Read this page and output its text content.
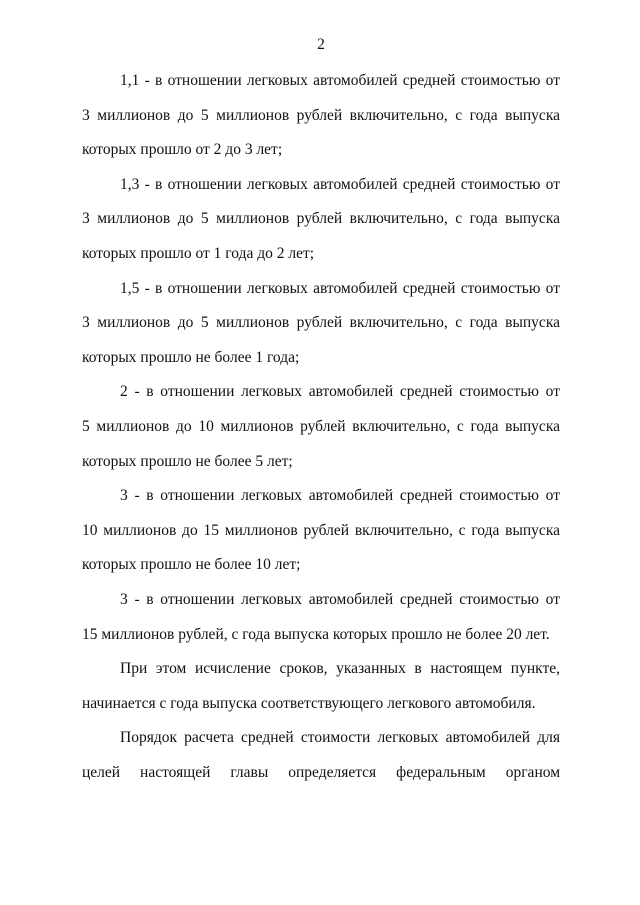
2
1,1 - в отношении легковых автомобилей средней стоимостью от
3 миллионов до 5 миллионов рублей включительно, с года выпуска
которых прошло от 2 до 3 лет;
1,3 - в отношении легковых автомобилей средней стоимостью от
3 миллионов до 5 миллионов рублей включительно, с года выпуска
которых прошло от 1 года до 2 лет;
1,5 - в отношении легковых автомобилей средней стоимостью от
3 миллионов до 5 миллионов рублей включительно, с года выпуска
которых прошло не более 1 года;
2 - в отношении легковых автомобилей средней стоимостью от
5 миллионов до 10 миллионов рублей включительно, с года выпуска
которых прошло не более 5 лет;
3 - в отношении легковых автомобилей средней стоимостью от
10 миллионов до 15 миллионов рублей включительно, с года выпуска
которых прошло не более 10 лет;
3 - в отношении легковых автомобилей средней стоимостью от
15 миллионов рублей, с года выпуска которых прошло не более 20 лет.
При этом исчисление сроков, указанных в настоящем пункте,
начинается с года выпуска соответствующего легкового автомобиля.
Порядок расчета средней стоимости легковых автомобилей для
целей настоящей главы определяется федеральным органом
